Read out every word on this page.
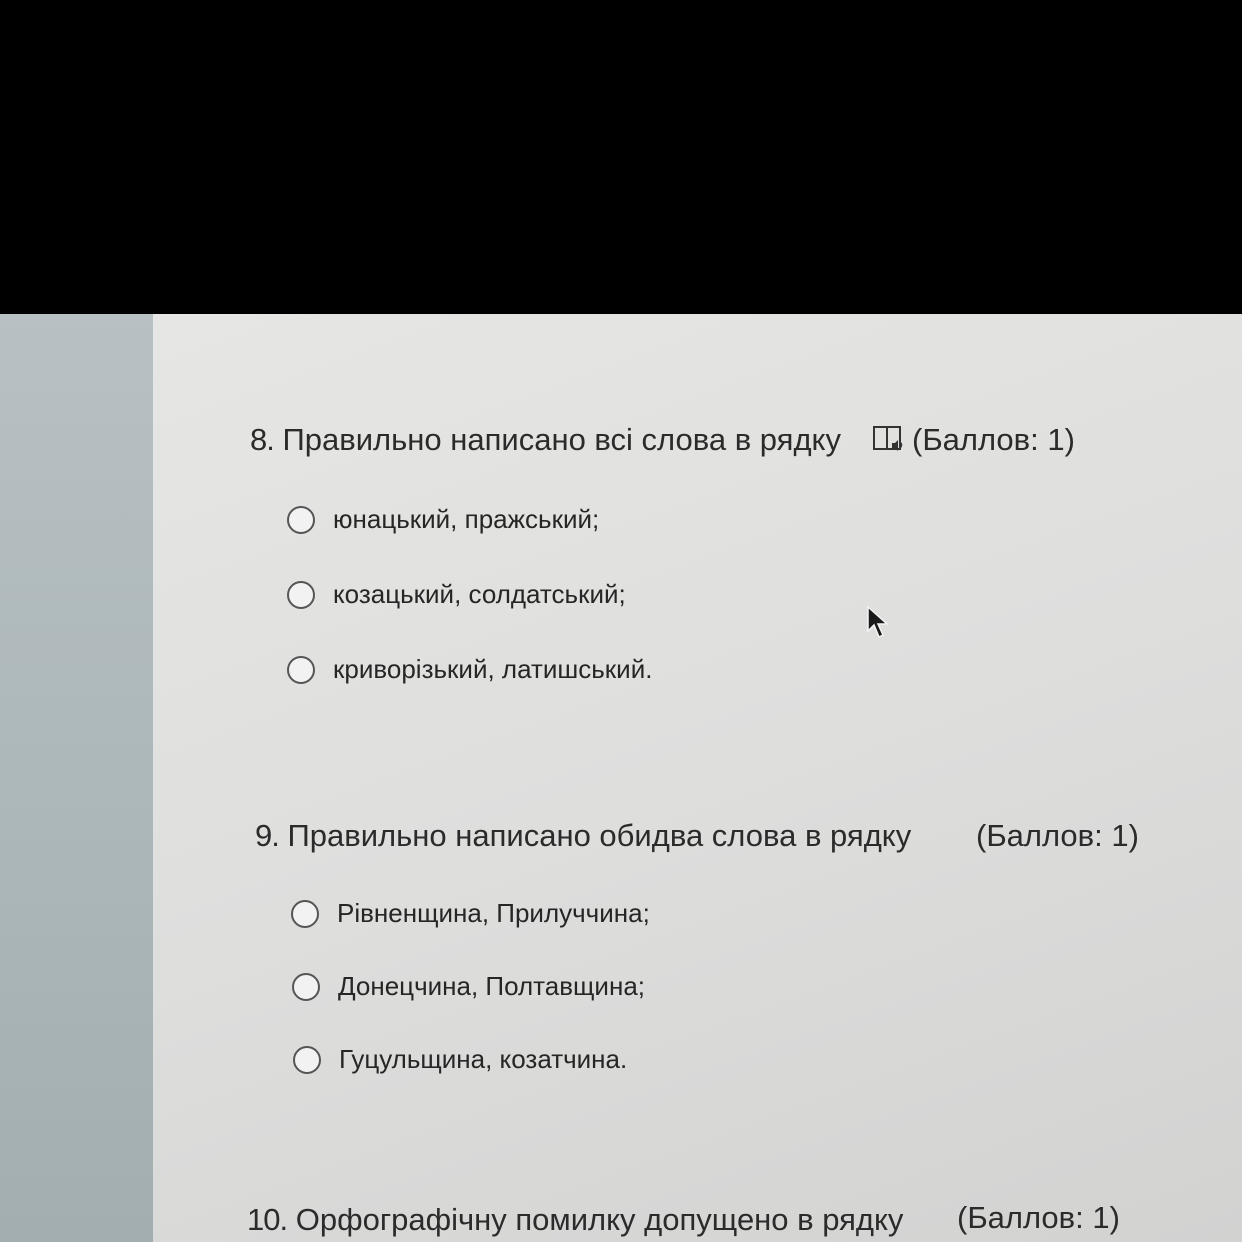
8. Правильно написано всі слова в рядку (Баллов: 1)
юнацький, пражський;
козацький, солдатський;
криворізький, латишський.
9. Правильно написано обидва слова в рядку (Баллов: 1)
Рівненщина, Прилуччина;
Донецчина, Полтавщина;
Гуцульщина, козатчина.
10. Орфографічну помилку допущено в рядку (Баллов: 1)
